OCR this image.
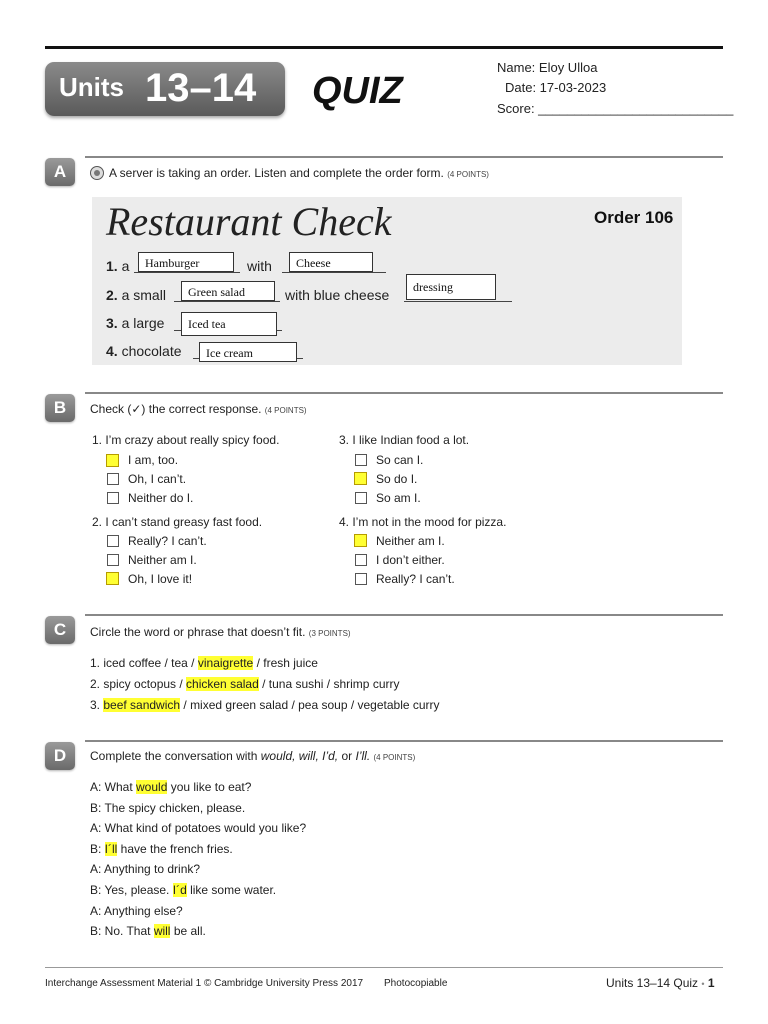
Units 13–14 QUIZ
Name: Eloy Ulloa
Date: 17-03-2023
Score: ___________________________
A	A server is taking an order. Listen and complete the order form. (4 POINTS)
Restaurant Check	Order 106
1. a	Hamburger	with	Cheese
2. a small	Green salad	with blue cheese	dressing
3. a large	Iced tea
4. chocolate	Ice cream
B	Check (✓) the correct response. (4 POINTS)
1. I’m crazy about really spicy food.
I am, too.
Oh, I can’t.
Neither do I.
2. I can’t stand greasy fast food.
Really? I can’t.
Neither am I.
Oh, I love it!
3. I like Indian food a lot.
So can I.
So do I.
So am I.
4. I’m not in the mood for pizza.
Neither am I.
I don’t either.
Really? I can’t.
C	Circle the word or phrase that doesn’t fit. (3 POINTS)
1. iced coffee / tea / vinaigrette / fresh juice
2. spicy octopus / chicken salad / tuna sushi / shrimp curry
3. beef sandwich / mixed green salad / pea soup / vegetable curry
D	Complete the conversation with would, will, I’d, or I’ll. (4 POINTS)
A: What would you like to eat?
B: The spicy chicken, please.
A: What kind of potatoes would you like?
B: I´ll have the french fries.
A: Anything to drink?
B: Yes, please. I´d like some water.
A: Anything else?
B: No. That will be all.
Interchange Assessment Material 1 © Cambridge University Press 2017 Photocopiable	Units 13–14 Quiz • 1
